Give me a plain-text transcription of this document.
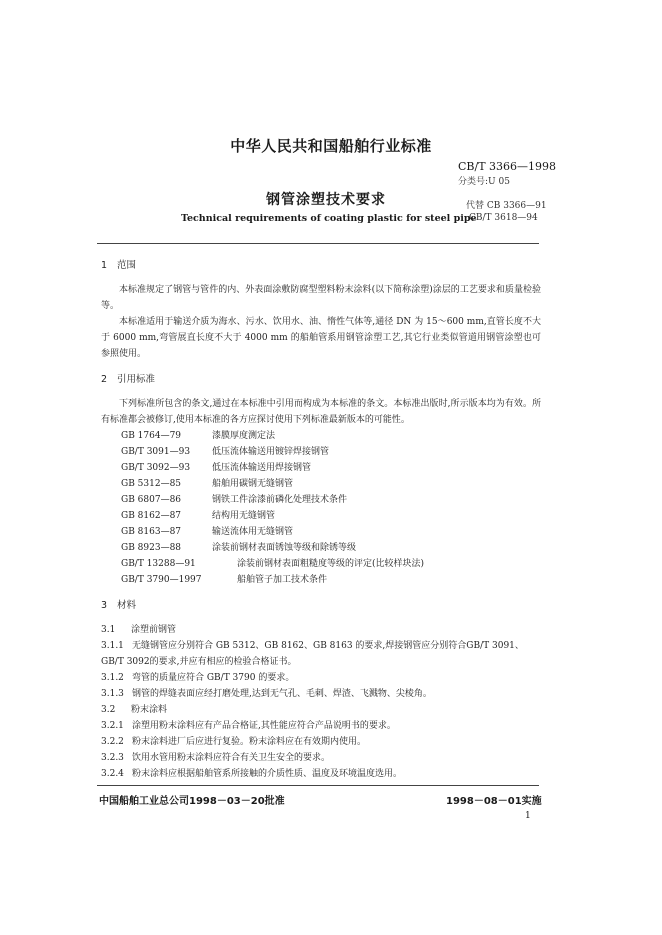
中华人民共和国船舶行业标准
CB/T 3366—1998
分类号:U 05
钢管涂塑技术要求	代替 CB 3366—91
CB/T 3618—94
Technical requirements of coating plastic for steel pipe

1 范围

本标准规定了钢管与管件的内、外表面涂敷防腐型塑料粉末涂料(以下简称涂塑)涂层的工艺要求和质量检验等。

本标准适用于输送介质为海水、污水、饮用水、油、惰性气体等,通径 DN 为 15～600 mm,直管长度不大于 6000 mm,弯管展直长度不大于 4000 mm 的船舶管系用钢管涂塑工艺,其它行业类似管道用钢管涂塑也可参照使用。

2 引用标准

下列标准所包含的条文,通过在本标准中引用而构成为本标准的条文。本标准出版时,所示版本均为有效。所有标准都会被修订,使用本标准的各方应探讨使用下列标准最新版本的可能性。

GB 1764—79	漆膜厚度测定法

GB/T 3091—93 低压流体输送用镀锌焊接钢管

GB/T 3092—93 低压流体输送用焊接钢管

GB 5312—85	船舶用碳钢无缝钢管

GB 6807—86	钢铁工件涂漆前磷化处理技术条件

GB 8162—87	结构用无缝钢管

GB 8163—87	输送流体用无缝钢管

GB 8923—88	涂装前钢材表面锈蚀等级和除锈等级

GB/T 13288—91	涂装前钢材表面粗糙度等级的评定(比较样块法)

GB/T 3790—1997	船舶管子加工技术条件

3 材料

3.1 涂塑前钢管

3.1.1 无缝钢管应分别符合 GB 5312、GB 8162、GB 8163 的要求,焊接钢管应分别符合GB/T 3091、GB/T 3092的要求,并应有相应的检验合格证书。

3.1.2 弯管的质量应符合 GB/T 3790 的要求。

3.1.3 钢管的焊缝表面应经打磨处理,达到无气孔、毛刺、焊渣、飞溅物、尖棱角。

3.2 粉末涂料

3.2.1 涂塑用粉末涂料应有产品合格证,其性能应符合产品说明书的要求。

3.2.2 粉末涂料进厂后应进行复验。粉末涂料应在有效期内使用。

3.2.3 饮用水管用粉末涂料应符合有关卫生安全的要求。

3.2.4 粉末涂料应根据船舶管系所接触的介质性质、温度及环境温度选用。

中国船舶工业总公司1998－03－20批准	1998－08－01实施
1
